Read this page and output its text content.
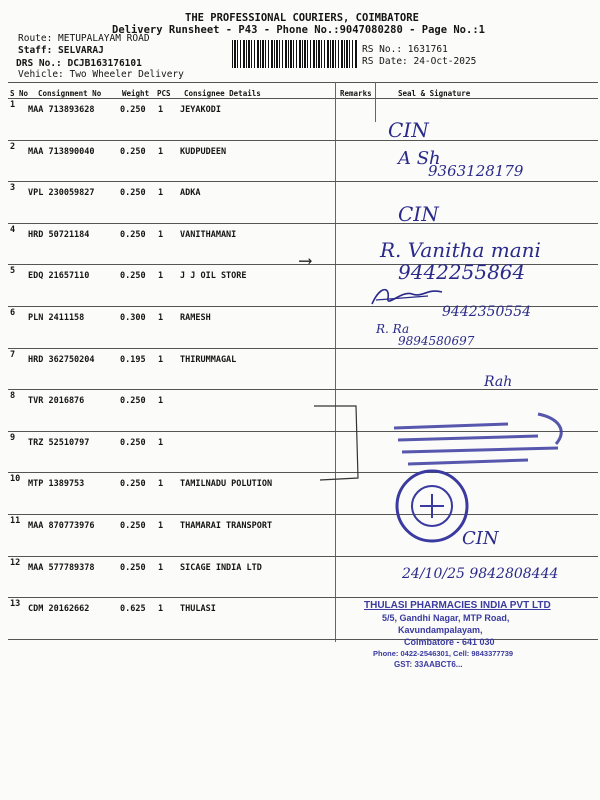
THE PROFESSIONAL COURIERS, COIMBATORE
Delivery Runsheet - P43 - Phone No.:9047080280 - Page No.:1
Route: METUPALAYAM ROAD
Staff: SELVARAJ
DRS No.: DCJB163176101
Vehicle: Two Wheeler Delivery
RS No.: 1631761
RS Date: 24-Oct-2025
S No Consignment No	Weight PCS Consignee Details	Remarks	Seal & Signature
1 MAA 713893628	0.250 1 JEYAKODI
2 MAA 713890040	0.250 1 KUDPUDEEN
3 VPL 230059827	0.250 1 ADKA
4 HRD 50721184	0.250 1 VANITHAMANI
5 EDQ 21657110	0.250 1 J J OIL STORE
6 PLN 2411158	0.300 1 RAMESH
7 HRD 362750204	0.195 1 THIRUMMAGAL
8 TVR 2016876	0.250 1
9 TRZ 52510797	0.250 1
10 MTP 1389753	0.250 1 TAMILNADU POLUTION
11 MAA 870773976	0.250 1 THAMARAI TRANSPORT
12 MAA 577789378	0.250 1 SICAGE INDIA LTD
13 CDM 20162662	0.625 1 THULASI
CIN
A Sh
9363128179
CIN
⟶	R. Vanitha mani
9442255864
9442350554
R. Ra
9894580697
Rah
CIN
24/10/25 9842808444
THULASI PHARMACIES INDIA PVT LTD
5/5, Gandhi Nagar, MTP Road,
Kavundampalayam,
Coimbatore - 641 030
Phone: 0422-2546301, Cell: 9843377739
GST: 33AABCT6...
